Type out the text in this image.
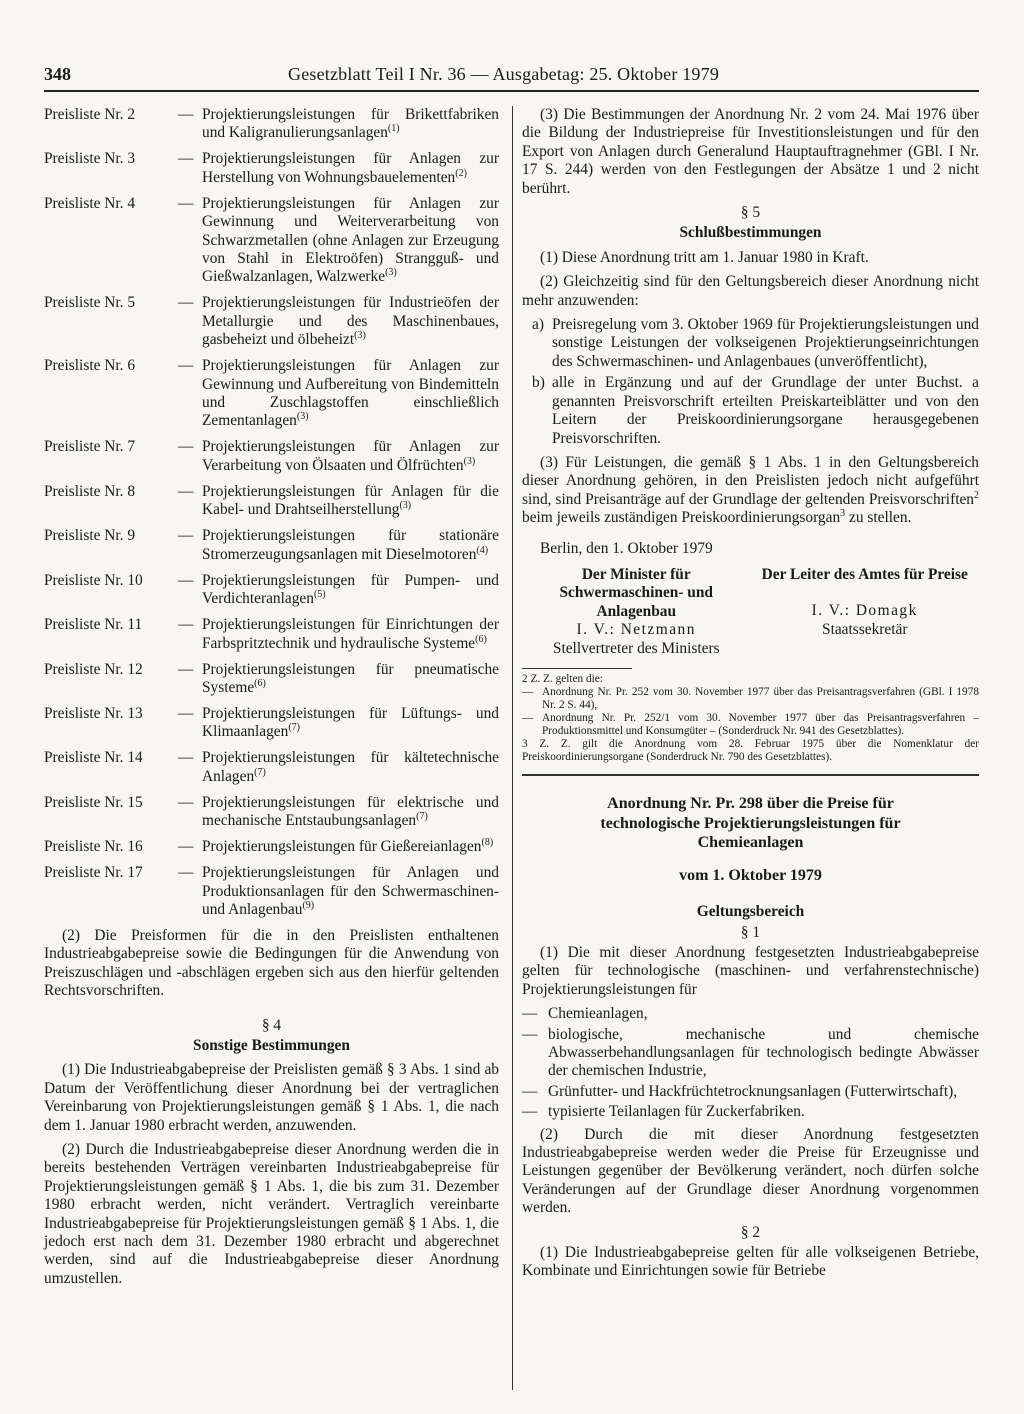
348	Gesetzblatt Teil I Nr. 36 — Ausgabetag: 25. Oktober 1979
Preisliste Nr. 2	— Projektierungsleistungen für Brikettfabriken und Kaligranulierungsanlagen$^{(1)}$
Preisliste Nr. 3	— Projektierungsleistungen für Anlagen zur Herstellung von Wohnungsbauelementen$^{(2)}$
Preisliste Nr. 4	— Projektierungsleistungen für Anlagen zur Gewinnung und Weiterverarbeitung von Schwarzmetallen (ohne Anlagen zur Erzeugung von Stahl in Elektroöfen) Strangguß- und Gießwalzanlagen, Walzwerke$^{(3)}$
Preisliste Nr. 5	— Projektierungsleistungen für Industrieöfen der Metallurgie und des Maschinenbaues, gasbeheizt und ölbeheizt$^{(3)}$
Preisliste Nr. 6	— Projektierungsleistungen für Anlagen zur Gewinnung und Aufbereitung von Bindemitteln und Zuschlagstoffen einschließlich Zementanlagen$^{(3)}$
Preisliste Nr. 7	— Projektierungsleistungen für Anlagen zur Verarbeitung von Ölsaaten und Ölfrüchten$^{(3)}$
Preisliste Nr. 8	— Projektierungsleistungen für Anlagen für die Kabel- und Drahtseilherstellung$^{(3)}$
Preisliste Nr. 9	— Projektierungsleistungen für stationäre Stromerzeugungsanlagen mit Dieselmotoren$^{(4)}$
Preisliste Nr. 10	— Projektierungsleistungen für Pumpen- und Verdichteranlagen$^{(5)}$
Preisliste Nr. 11	— Projektierungsleistungen für Einrichtungen der Farbspritztechnik und hydraulische Systeme$^{(6)}$
Preisliste Nr. 12	— Projektierungsleistungen für pneumatische Systeme$^{(6)}$
Preisliste Nr. 13	— Projektierungsleistungen für Lüftungs- und Klimaanlagen$^{(7)}$
Preisliste Nr. 14	— Projektierungsleistungen für kältetechnische Anlagen$^{(7)}$
Preisliste Nr. 15	— Projektierungsleistungen für elektrische und mechanische Entstaubungsanlagen$^{(7)}$
Preisliste Nr. 16	— Projektierungsleistungen für Gießereianlagen$^{(8)}$
Preisliste Nr. 17	— Projektierungsleistungen für Anlagen und Produktionsanlagen für den Schwermaschinen- und Anlagenbau$^{(9)}$

(2) Die Preisformen für die in den Preislisten enthaltenen Industrieabgabepreise sowie die Bedingungen für die Anwendung von Preiszuschlägen und -abschlägen ergeben sich aus den hierfür geltenden Rechtsvorschriften.

§ 4
Sonstige Bestimmungen

(1) Die Industrieabgabepreise der Preislisten gemäß § 3 Abs. 1 sind ab Datum der Veröffentlichung dieser Anordnung bei der vertraglichen Vereinbarung von Projektierungsleistungen gemäß § 1 Abs. 1, die nach dem 1. Januar 1980 erbracht werden, anzuwenden.

(2) Durch die Industrieabgabepreise dieser Anordnung werden die in bereits bestehenden Verträgen vereinbarten Industrieabgabepreise für Projektierungsleistungen gemäß § 1 Abs. 1, die bis zum 31. Dezember 1980 erbracht werden, nicht verändert. Vertraglich vereinbarte Industrieabgabepreise für Projektierungsleistungen gemäß § 1 Abs. 1, die jedoch erst nach dem 31. Dezember 1980 erbracht und abgerechnet werden, sind auf die Industrieabgabepreise dieser Anordnung umzustellen.

(3) Die Bestimmungen der Anordnung Nr. 2 vom 24. Mai 1976 über die Bildung der Industriepreise für Investitionsleistungen und für den Export von Anlagen durch Generalund Hauptauftragnehmer (GBl. I Nr. 17 S. 244) werden von den Festlegungen der Absätze 1 und 2 nicht berührt.

§ 5
Schlußbestimmungen

(1) Diese Anordnung tritt am 1. Januar 1980 in Kraft.

(2) Gleichzeitig sind für den Geltungsbereich dieser Anordnung nicht mehr anzuwenden:

a) Preisregelung vom 3. Oktober 1969 für Projektierungsleistungen und sonstige Leistungen der volkseigenen Projektierungseinrichtungen des Schwermaschinen- und Anlagenbaues (unveröffentlicht),
b) alle in Ergänzung und auf der Grundlage der unter Buchst. a genannten Preisvorschrift erteilten Preiskarteiblätter und von den Leitern der Preiskoordinierungsorgane herausgegebenen Preisvorschriften.

(3) Für Leistungen, die gemäß § 1 Abs. 1 in den Geltungsbereich dieser Anordnung gehören, in den Preislisten jedoch nicht aufgeführt sind, sind Preisanträge auf der Grundlage der geltenden Preisvorschriften$^2$ beim jeweils zuständigen Preiskoordinierungsorgan$^3$ zu stellen.

Berlin, den 1. Oktober 1979

Der Minister für Schwermaschinen- und Anlagenbau
I. V.: Netzmann
Stellvertreter des Ministers
Der Leiter des Amtes für Preise
I. V.: Domagk
Staatssekretär

2 Z. Z. gelten die:

— Anordnung Nr. Pr. 252 vom 30. November 1977 über das Preisantragsverfahren (GBl. I 1978 Nr. 2 S. 44),
— Anordnung Nr. Pr. 252/1 vom 30. November 1977 über das Preisantragsverfahren – Produktionsmittel und Konsumgüter – (Sonderdruck Nr. 941 des Gesetzblattes).

3 Z. Z. gilt die Anordnung vom 28. Februar 1975 über die Nomenklatur der Preiskoordinierungsorgane (Sonderdruck Nr. 790 des Gesetzblattes).

Anordnung Nr. Pr. 298 über die Preise für technologische Projektierungsleistungen für Chemieanlagen
vom 1. Oktober 1979
Geltungsbereich
§ 1

(1) Die mit dieser Anordnung festgesetzten Industrieabgabepreise gelten für technologische (maschinen- und verfahrenstechnische) Projektierungsleistungen für

— Chemieanlagen,
— biologische, mechanische und chemische Abwasserbehandlungsanlagen für technologisch bedingte Abwässer der chemischen Industrie,
— Grünfutter- und Hackfrüchtetrocknungsanlagen (Futterwirtschaft),
— typisierte Teilanlagen für Zuckerfabriken.

(2) Durch die mit dieser Anordnung festgesetzten Industrieabgabepreise werden weder die Preise für Erzeugnisse und Leistungen gegenüber der Bevölkerung verändert, noch dürfen solche Veränderungen auf der Grundlage dieser Anordnung vorgenommen werden.

§ 2

(1) Die Industrieabgabepreise gelten für alle volkseigenen Betriebe, Kombinate und Einrichtungen sowie für Betriebe
